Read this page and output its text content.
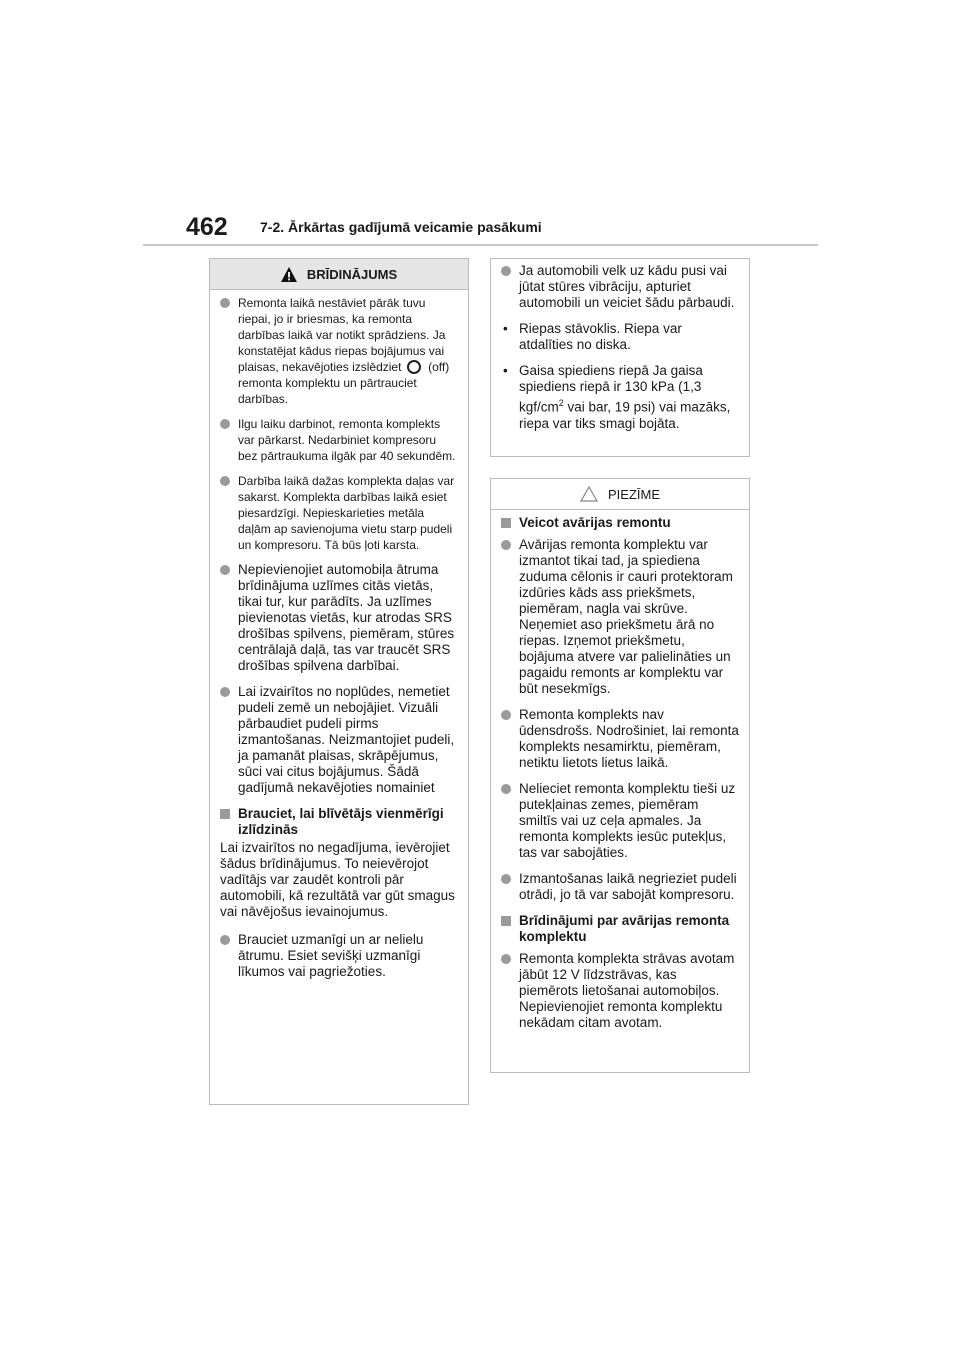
462 7-2. Ārkārtas gadījumā veicamie pasākumi
BRĪDINĀJUMS
Remonta laikā nestāviet pārāk tuvu riepai, jo ir briesmas, ka remonta darbības laikā var notikt sprādziens. Ja konstatējat kādus riepas bojājumus vai plaisas, nekavējoties izslēdziet (off) remonta komplektu un pārtrauciet darbības.
Ilgu laiku darbinot, remonta komplekts var pārkarst. Nedarbiniet kompresoru bez pārtraukuma ilgāk par 40 sekundēm.
Darbība laikā dažas komplekta daļas var sakarst. Komplekta darbības laikā esiet piesardzīgi. Nepieskarieties metāla daļām ap savienojuma vietu starp pudeli un kompresoru. Tā būs ļoti karsta.
Nepievienojiet automobiļa ātruma brīdinājuma uzlīmes citās vietās, tikai tur, kur parādīts. Ja uzlīmes pievienotas vietās, kur atrodas SRS drošības spilvens, piemēram, stūres centrālajā daļā, tas var traucēt SRS drošības spilvena darbībai.
Lai izvairītos no noplūdes, nemetiet pudeli zemē un nebojājiet. Vizuāli pārbaudiet pudeli pirms izmantošanas. Neizmantojiet pudeli, ja pamanāt plaisas, skrāpējumus, sūci vai citus bojājumus. Šādā gadījumā nekavējoties nomainiet
Brauciet, lai blīvētājs vienmērīgi izlīdzinās
Lai izvairītos no negadījuma, ievērojiet šādus brīdinājumus. To neievērojot vadītājs var zaudēt kontroli pār automobili, kā rezultātā var gūt smagus vai nāvējošus ievainojumus.
Brauciet uzmanīgi un ar nelielu ātrumu. Esiet sevišķi uzmanīgi līkumos vai pagriežoties.
Ja automobili velk uz kādu pusi vai jūtat stūres vibrāciju, apturiet automobili un veiciet šādu pārbaudi.
• Riepas stāvoklis. Riepa var atdalīties no diska.
• Gaisa spiediens riepā Ja gaisa spiediens riepā ir 130 kPa (1,3 kgf/$cm^2$ vai bar, 19 psi) vai mazāks, riepa var tiks smagi bojāta.
PIEZĪME
Veicot avārijas remontu
Avārijas remonta komplektu var izmantot tikai tad, ja spiediena zuduma cēlonis ir cauri protektoram izdūries kāds ass priekšmets, piemēram, nagla vai skrūve. Neņemiet aso priekšmetu ārā no riepas. Izņemot priekšmetu, bojājuma atvere var palielināties un pagaidu remonts ar komplektu var būt nesekmīgs.
Remonta komplekts nav ūdensdrošs. Nodrošiniet, lai remonta komplekts nesamirktu, piemēram, netiktu lietots lietus laikā.
Nelieciet remonta komplektu tieši uz putekļainas zemes, piemēram smiltīs vai uz ceļa apmales. Ja remonta komplekts iesūc putekļus, tas var sabojāties.
Izmantošanas laikā negrieziet pudeli otrādi, jo tā var sabojāt kompresoru.
Brīdinājumi par avārijas remonta komplektu
Remonta komplekta strāvas avotam jābūt 12 V līdzstrāvas, kas piemērots lietošanai automobiļos. Nepievienojiet remonta komplektu nekādam citam avotam.
